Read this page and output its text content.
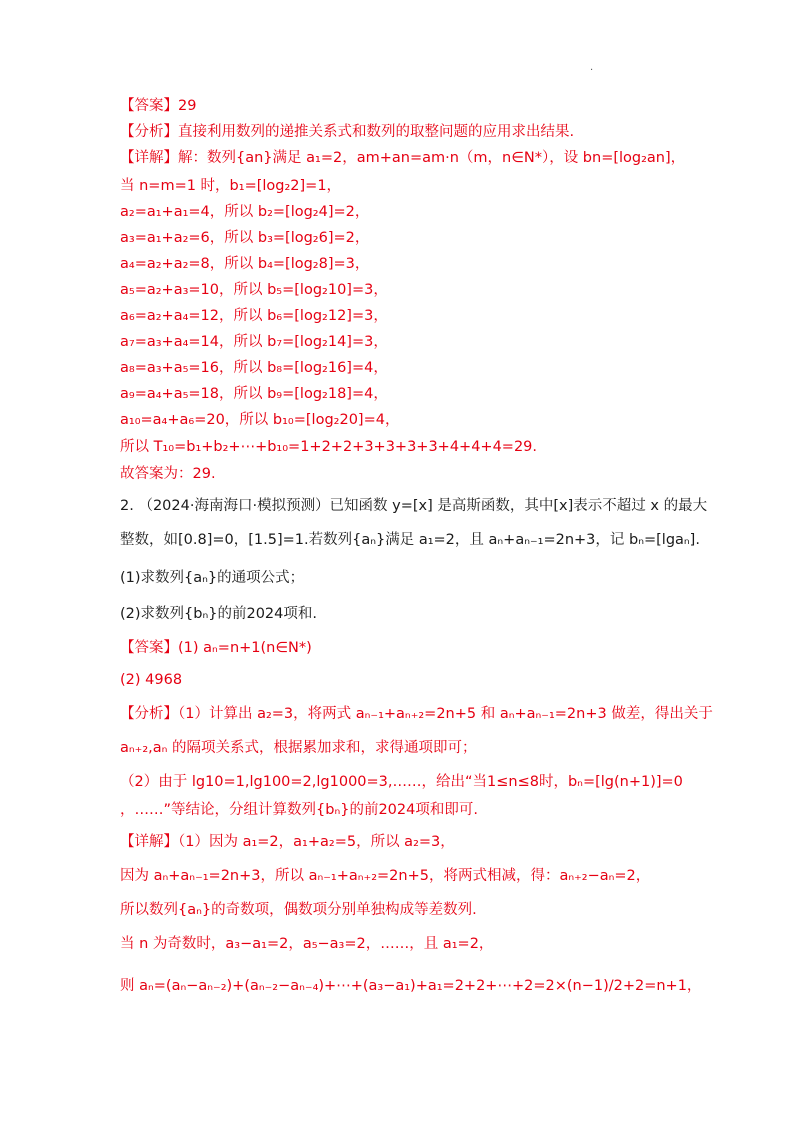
.
【答案】29
【分析】直接利用数列的递推关系式和数列的取整问题的应用求出结果.
【详解】解：数列{an}满足 a₁=2，am+an=am·n（m，n∈N*），设 bn=[log₂an]，
当 n=m=1 时，b₁=[log₂2]=1，
a₂=a₁+a₁=4，所以 b₂=[log₂4]=2，
a₃=a₁+a₂=6，所以 b₃=[log₂6]=2，
a₄=a₂+a₂=8，所以 b₄=[log₂8]=3，
a₅=a₂+a₃=10，所以 b₅=[log₂10]=3，
a₆=a₂+a₄=12，所以 b₆=[log₂12]=3，
a₇=a₃+a₄=14，所以 b₇=[log₂14]=3，
a₈=a₃+a₅=16，所以 b₈=[log₂16]=4，
a₉=a₄+a₅=18，所以 b₉=[log₂18]=4，
a₁₀=a₄+a₆=20，所以 b₁₀=[log₂20]=4，
所以 T₁₀=b₁+b₂+⋯+b₁₀=1+2+2+3+3+3+3+4+4+4=29.
故答案为：29.
2. （2024·海南海口·模拟预测）已知函数 y=[x] 是高斯函数，其中[x]表示不超过 x 的最大
整数，如[0.8]=0，[1.5]=1.若数列{aₙ}满足 a₁=2，且 aₙ+aₙ₋₁=2n+3，记 bₙ=[lgaₙ].
(1)求数列{aₙ}的通项公式；
(2)求数列{bₙ}的前2024项和.
【答案】(1) aₙ=n+1(n∈N*)
(2) 4968
【分析】（1）计算出 a₂=3，将两式 aₙ₋₁+aₙ₊₂=2n+5 和 aₙ+aₙ₋₁=2n+3 做差，得出关于
aₙ₊₂,aₙ 的隔项关系式，根据累加求和，求得通项即可；
（2）由于 lg10=1,lg100=2,lg1000=3,……，给出“当1≤n≤8时，bₙ=[lg(n+1)]=0
，……”等结论，分组计算数列{bₙ}的前2024项和即可.
【详解】（1）因为 a₁=2，a₁+a₂=5，所以 a₂=3，
因为 aₙ+aₙ₋₁=2n+3，所以 aₙ₋₁+aₙ₊₂=2n+5，将两式相减，得：aₙ₊₂−aₙ=2，
所以数列{aₙ}的奇数项，偶数项分别单独构成等差数列.
当 n 为奇数时，a₃−a₁=2，a₅−a₃=2，……，且 a₁=2，
则 aₙ=(aₙ−aₙ₋₂)+(aₙ₋₂−aₙ₋₄)+⋯+(a₃−a₁)+a₁=2+2+⋯+2=2×(n−1)/2+2=n+1，
